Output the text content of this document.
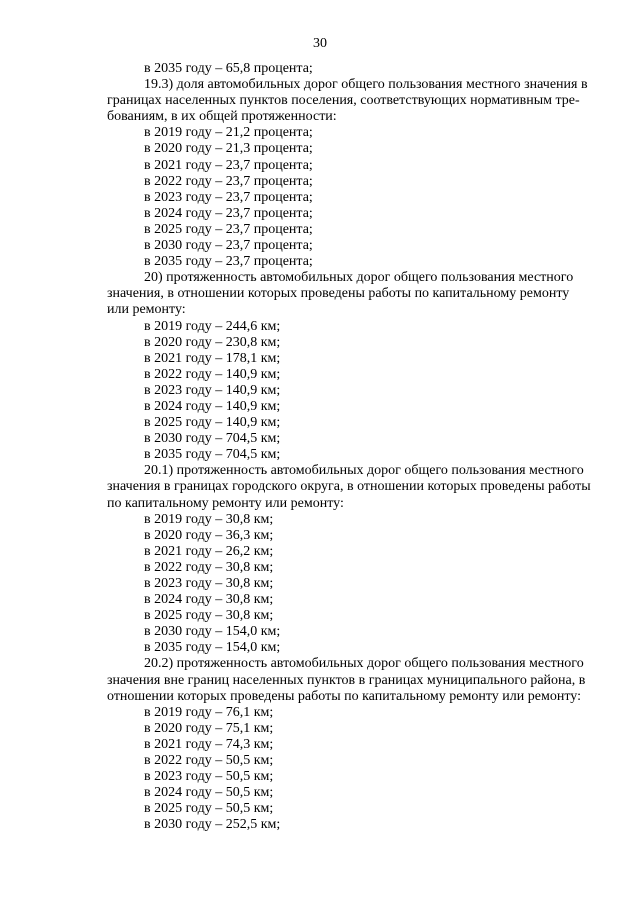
30
в 2035 году – 65,8 процента;
19.3) доля автомобильных дорог общего пользования местного значения в
границах населенных пунктов поселения, соответствующих нормативным тре-
бованиям, в их общей протяженности:
в 2019 году – 21,2 процента;
в 2020 году – 21,3 процента;
в 2021 году – 23,7 процента;
в 2022 году – 23,7 процента;
в 2023 году – 23,7 процента;
в 2024 году – 23,7 процента;
в 2025 году – 23,7 процента;
в 2030 году – 23,7 процента;
в 2035 году – 23,7 процента;
20) протяженность автомобильных дорог общего пользования местного
значения, в отношении которых проведены работы по капитальному ремонту
или ремонту:
в 2019 году – 244,6 км;
в 2020 году – 230,8 км;
в 2021 году – 178,1 км;
в 2022 году – 140,9 км;
в 2023 году – 140,9 км;
в 2024 году – 140,9 км;
в 2025 году – 140,9 км;
в 2030 году – 704,5 км;
в 2035 году – 704,5 км;
20.1) протяженность автомобильных дорог общего пользования местного
значения в границах городского округа, в отношении которых проведены работы
по капитальному ремонту или ремонту:
в 2019 году – 30,8 км;
в 2020 году – 36,3 км;
в 2021 году – 26,2 км;
в 2022 году – 30,8 км;
в 2023 году – 30,8 км;
в 2024 году – 30,8 км;
в 2025 году – 30,8 км;
в 2030 году – 154,0 км;
в 2035 году – 154,0 км;
20.2) протяженность автомобильных дорог общего пользования местного
значения вне границ населенных пунктов в границах муниципального района, в
отношении которых проведены работы по капитальному ремонту или ремонту:
в 2019 году – 76,1 км;
в 2020 году – 75,1 км;
в 2021 году – 74,3 км;
в 2022 году – 50,5 км;
в 2023 году – 50,5 км;
в 2024 году – 50,5 км;
в 2025 году – 50,5 км;
в 2030 году – 252,5 км;
